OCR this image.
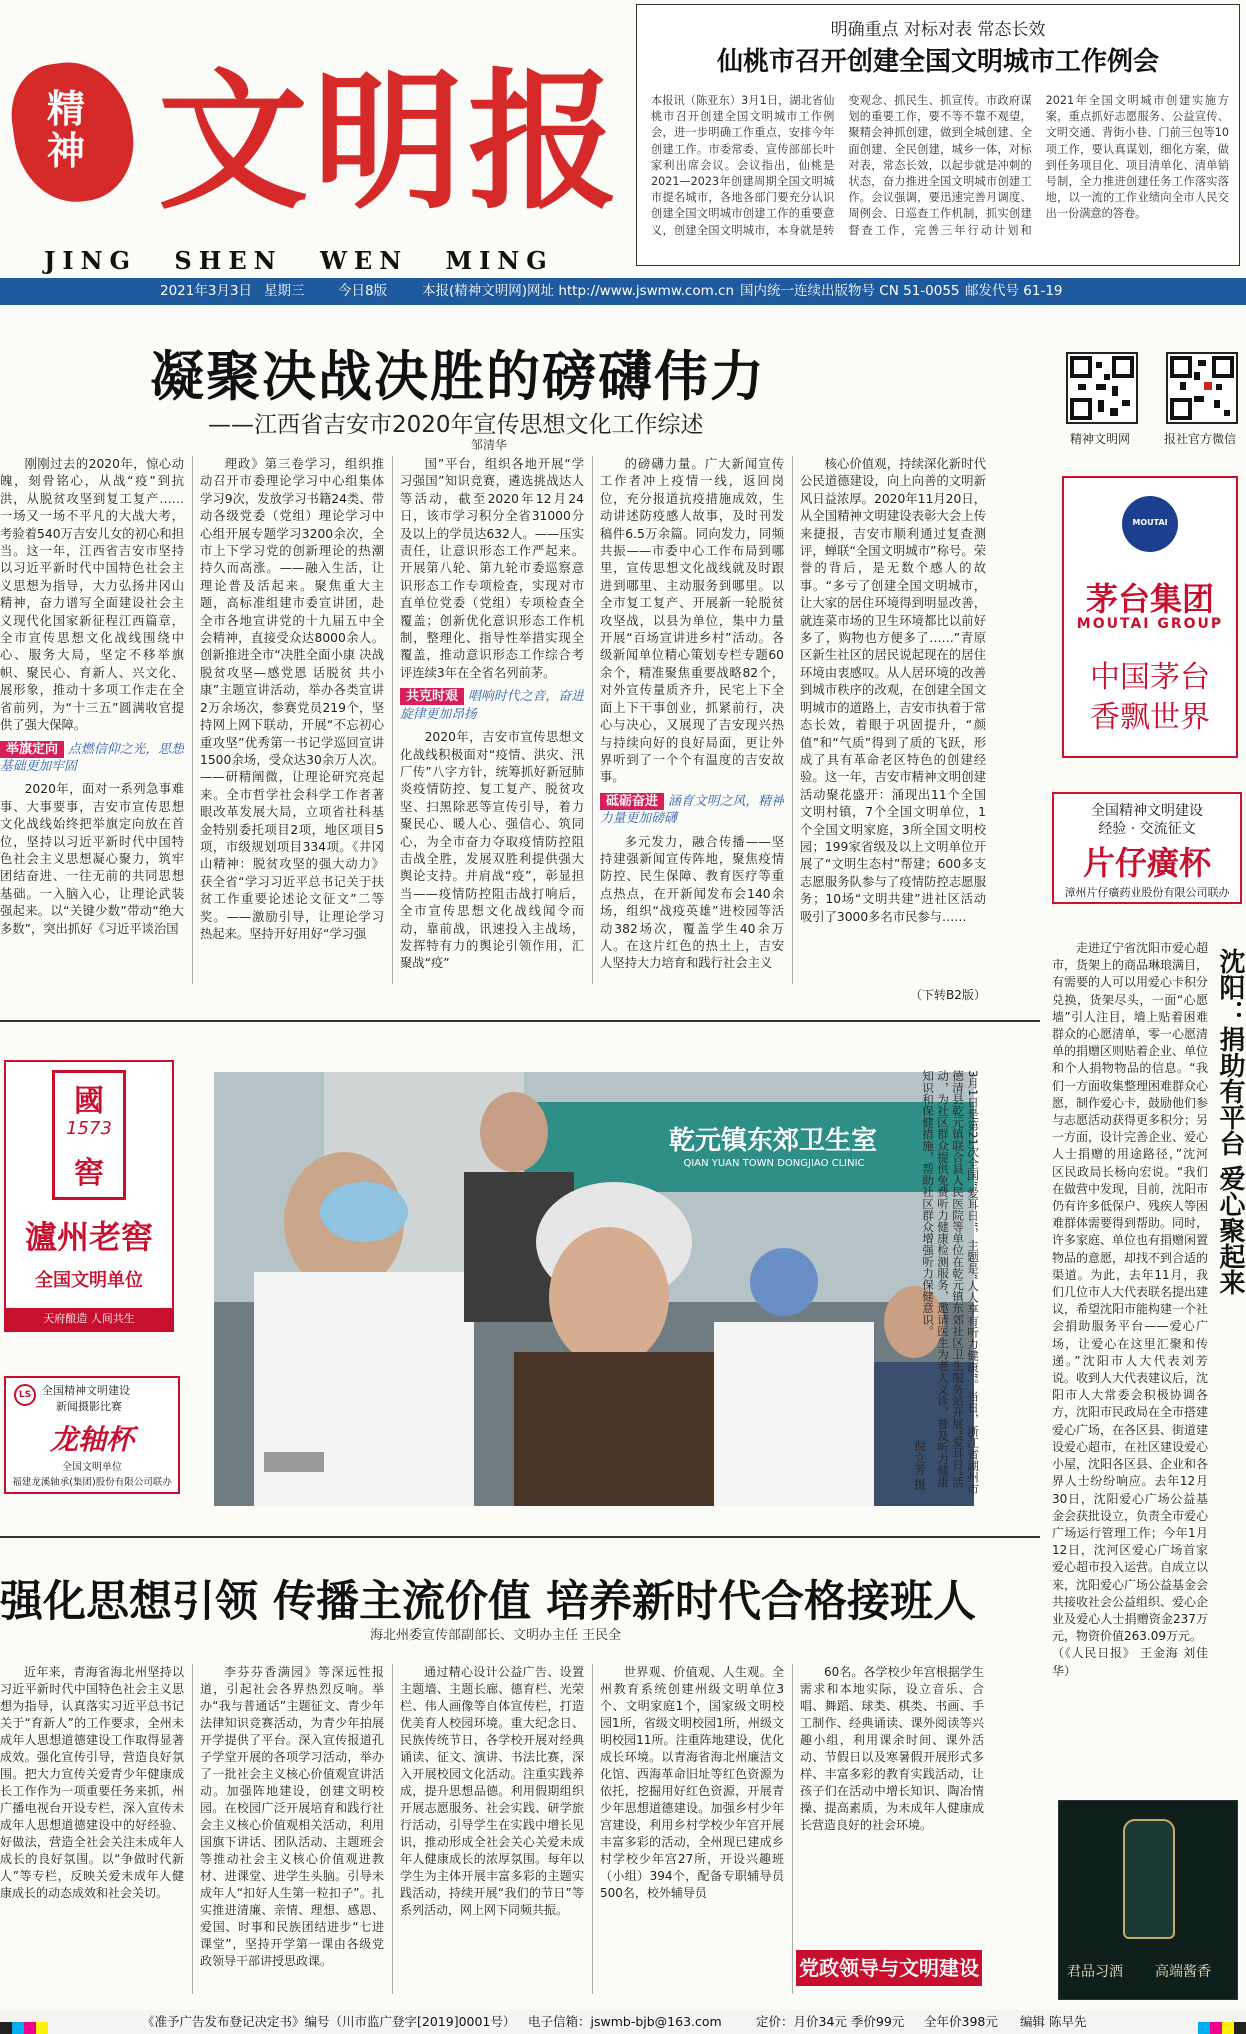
精神 文 明 报
JING SHEN WEN MING
明确重点 对标对表 常态长效
仙桃市召开创建全国文明城市工作例会
本报讯（陈亚东）3月1日，湖北省仙桃市召开创建全国文明城市工作例会，进一步明确工作重点，安排今年创建工作。市委常委、宣传部部长叶家利出席会议。会议指出，仙桃是2021—2023年创建周期全国文明城市提名城市，各地各部门要充分认识创建全国文明城市创建工作的重要意义，创建全国文明城市，本身就是转变观念、抓民生、抓宣传。市政府谋划的重要工作，要不等不靠不观望，聚精会神抓创建，做到全城创建、全面创建、全民创建，城乡一体，对标对表，常态长效，以起步就是冲刺的状态，奋力推进全国文明城市创建工作。会议强调，要迅速完善月调度、周例会、日巡查工作机制，抓实创建督查工作，完善三年行动计划和2021年全国文明城市创建实施方案，重点抓好志愿服务、公益宣传、文明交通、背街小巷、门前三包等10项工作，要认真谋划，细化方案，做到任务项目化、项目清单化、清单销号制，全力推进创建任务工作落实落地，以一流的工作业绩向全市人民交出一份满意的答卷。
2021年3月3日 星期三 今日8版	本报(精神文明网)网址 http://www.jswmw.com.cn 国内统一连续出版物号 CN 51-0055 邮发代号 61-19
凝聚决战决胜的磅礴伟力
——江西省吉安市2020年宣传思想文化工作综述
邹清华	精神文明网	报社官方微信

刚刚过去的2020年，惊心动魄，刻骨铭心，从战“疫”到抗洪，从脱贫攻坚到复工复产……一场又一场不平凡的大战大考，考验着540万吉安儿女的初心和担当。这一年，江西省吉安市坚持以习近平新时代中国特色社会主义思想为指导，大力弘扬井冈山精神，奋力谱写全面建设社会主义现代化国家新征程江西篇章，全市宣传思想文化战线围绕中心、服务大局，坚定不移举旗帜、聚民心、育新人、兴文化、展形象，推动十多项工作走在全省前列，为“十三五”圆满收官提供了强大保障。

举旗定向 点燃信仰之光，思想基础更加牢固

2020年，面对一系列急事难事、大事要事，吉安市宣传思想文化战线始终把举旗定向放在首位，坚持以习近平新时代中国特色社会主义思想凝心聚力，筑牢团结奋进、一往无前的共同思想基础。一入脑入心，让理论武装强起来。以“关键少数”带动“绝大多数”，突出抓好《习近平谈治国

理政》第三卷学习，组织推动召开市委理论学习中心组集体学习9次，发放学习书籍24类、带动各级党委（党组）理论学习中心组开展专题学习3200余次，全市上下学习党的创新理论的热潮持久而高涨。——融入生活，让理论普及活起来。聚焦重大主题，高标准组建市委宣讲团，赴全市各地宣讲党的十九届五中全会精神，直接受众达8000余人。创新推进全市“决胜全面小康 决战脱贫攻坚—感党恩 话脱贫 共小康”主题宣讲活动，举办各类宣讲2万余场次，参赛党员219个，坚持网上网下联动，开展“不忘初心重攻坚”优秀第一书记学巡回宣讲1500余场，受众达30余万人次。——研精阐微，让理论研究亮起来。全市哲学社会科学工作者著眼改革发展大局，立项省社科基金特别委托项目2项，地区项目5项，市级规划项目334项。《井冈山精神：脱贫攻坚的强大动力》获全省“学习习近平总书记关于扶贫工作重要论述论文征文”二等奖。——激励引导，让理论学习热起来。坚持开好用好“学习强

国”平台，组织各地开展“学习强国”知识竞赛，遴选挑战达人等活动，截至2020年12月24日，该市学习积分全省31000分及以上的学员达632人。——压实责任，让意识形态工作严起来。开展第八轮、第九轮市委巡察意识形态工作专项检查，实现对市直单位党委（党组）专项检查全覆盖；创新优化意识形态工作机制，整理化、指导性举措实现全覆盖，推动意识形态工作综合考评连续3年在全省名列前茅。

共克时艰 唱响时代之音，奋进旋律更加昂扬

2020年，吉安市宣传思想文化战线积极面对“疫情、洪灾、汛厂传”八字方针，统筹抓好新冠肺炎疫情防控、复工复产、脱贫攻坚、扫黑除恶等宣传引导，着力聚民心、暖人心、强信心、筑同心，为全市奋力夺取疫情防控阻击战全胜，发展双胜利提供强大舆论支持。并肩战“疫”，彰显担当——疫情防控阻击战打响后，全市宣传思想文化战线闻令而动，靠前战，讯速投入主战场，发挥特有力的舆论引领作用，汇聚战“疫”

的磅礴力量。广大新闻宣传工作者冲上疫情一线，返回岗位，充分报道抗疫措施成效，生动讲述防疫感人故事，及时刊发稿件6.5万余篇。同向发力，同频共振——市委中心工作布局到哪里，宣传思想文化战线就及时跟进到哪里、主动服务到哪里。以全市复工复产、开展新一轮脱贫攻坚战，以县为单位，集中力量开展“百场宣讲进乡村”活动。各级新闻单位精心策划专栏专题60余个，精准聚焦重要战略82个，对外宣传量质齐升，民宅上下全面上下干事创业，抓紧前行，决心与决心，又展现了吉安现兴热与持续向好的良好局面，更让外界听到了一个个有温度的吉安故事。

砥砺奋进 涵育文明之风，精神力量更加磅礴

多元发力，融合传播——坚持建强新闻宣传阵地，聚焦疫情防控、民生保障、教育医疗等重点热点，在开新闻发布会140余场，组织“战疫英雄”进校园等活动382场次，覆盖学生40余万人。在这片红色的热土上，吉安人坚持大力培育和践行社会主义

核心价值观，持续深化新时代公民道德建设，向上向善的文明新风日益浓厚。2020年11月20日，从全国精神文明建设表彰大会上传来捷报，吉安市顺利通过复查测评，蝉联“全国文明城市”称号。荣誉的背后，是无数个感人的故事。“多亏了创建全国文明城市，让大家的居住环境得到明显改善，就连菜市场的卫生环境都比以前好多了，购物也方便多了……”青原区新生社区的居民说起现在的居住环境由衷感叹。从人居环境的改善到城市秩序的改观，在创建全国文明城市的道路上，吉安市执着于常态长效，着眼于巩固提升，“颜值”和“气质”得到了质的飞跃，形成了具有革命老区特色的创建经验。这一年，吉安市精神文明创建活动聚花盛开：涌现出11个全国文明村镇，7个全国文明单位，1个全国文明家庭，3所全国文明校园；199家省级及以上文明单位开展了“文明生态村”帮建；600多支志愿服务队参与了疫情防控志愿服务；10场“文明共建”进社区活动吸引了3000多名市民参与……

（下转B2版）
MOUTAI
茅台集团
MOUTAI GROUP
中国茅台
香飘世界
全国精神文明建设
经验 · 交流征文
片仔癀杯
漳州片仔癀药业股份有限公司联办
沈阳：捐助有平台 爱心聚起来

走进辽宁省沈阳市爱心超市，货架上的商品琳琅满目，有需要的人可以用爱心卡积分兑换，货架尽头，一面“心愿墙”引人注目，墙上贴着困难群众的心愿清单，零一心愿清单的捐赠区则贴着企业、单位和个人捐物物品的信息。“我们一方面收集整理困难群众心愿，制作爱心卡，鼓励他们参与志愿活动获得更多积分；另一方面，设计完善企业、爱心人士捐赠的用途路径，”沈河区民政局长杨向宏说。“我们在做营中发现，目前，沈阳市仍有许多低保户、残疾人等困难群体需要得到帮助。同时，许多家庭、单位也有捐赠闲置物品的意愿，却找不到合适的渠道。为此，去年11月，我们几位市人大代表联名提出建议，希望沈阳市能构建一个社会捐助服务平台——爱心广场，让爱心在这里汇聚和传递。”沈阳市人大代表刘芳说。收到人大代表建议后，沈阳市人大常委会积极协调各方，沈阳市民政局在全市搭建爱心广场，在各区县、街道建设爱心超市，在社区建设爱心小屋，沈阳各区县、企业和各界人士纷纷响应。去年12月30日，沈阳爱心广场公益基金会获批设立，负责全市爱心广场运行管理工作；今年1月12日，沈河区爱心广场首家爱心超市投入运营。自成立以来，沈阳爱心广场公益基金会共接收社会公益组织、爱心企业及爱心人士捐赠资金237万元，物资价值263.09万元。

（《人民日报》 王金海 刘佳华）

國
1573
窖
瀘州老窖
全国文明单位
天府酿造 人间共生
LS 全国精神文明建设
新闻摄影比赛
龙轴杯
全国文明单位
福建龙溪轴承(集团)股份有限公司联办
乾元镇东郊卫生室
QIAN YUAN TOWN DONGJIAO CLINIC	3月1日是第21次全国“爱耳日”，主题是“人人享有听力健康”。当日，浙江省湖州市德清县乾元镇联合县人民医院等单位在乾元镇东郊社区卫生服务站开展“爱耳日”活动，为社区群众提供免费听力健康检测服务，邀请医生为老人义诊，普及听力健康知识和保健措施，帮助社区群众增强听力保健意识。
倪立芳 摄
强化思想引领 传播主流价值 培养新时代合格接班人
海北州委宣传部副部长、文明办主任 王民全

近年来，青海省海北州坚持以习近平新时代中国特色社会主义思想为指导，认真落实习近平总书记关于“育新人”的工作要求，全州未成年人思想道德建设工作取得显著成效。强化宣传引导，营造良好氛围。把大力宣传关爱青少年健康成长工作作为一项重要任务来抓，州广播电视台开设专栏，深入宣传未成年人思想道德建设中的好经验、好做法，营造全社会关注未成年人成长的良好氛围。以“争做时代新人”等专栏，反映关爱未成年人健康成长的动态成效和社会关切。

李芬芬香满园》等深远性报道，引起社会各界热烈反响。举办“我与普通话”主题征文、青少年法律知识竞赛活动，为青少年拍展开学提供了平台。深入宣传报道孔子学堂开展的各项学习活动，举办了一批社会主义核心价值观宣讲活动。加强阵地建设，创建文明校园。在校园广泛开展培育和践行社会主义核心价值观相关活动，利用国旗下讲话、团队活动、主题班会等推动社会主义核心价值观进教材、进课堂、进学生头脑。引导未成年人“扣好人生第一粒扣子”。扎实推进清廉、亲情、理想、感恩、爱国、时事和民族团结进步“七进课堂”，坚持开学第一课由各级党政领导干部讲授思政课。

通过精心设计公益广告、设置主题墙、主题长廊、德育栏、光荣栏、伟人画像等自体宣传栏，打造优美育人校园环境。重大纪念日、民族传统节日，各学校开展对经典诵读、征文、演讲、书法比赛，深入开展校园文化活动。注重实践养成，提升思想品德。利用假期组织开展志愿服务、社会实践、研学旅行活动，引导学生在实践中增长见识，推动形成全社会关心关爱未成年人健康成长的浓厚氛围。每年以学生为主体开展丰富多彩的主题实践活动，持续开展“我们的节日”等系列活动，网上网下同频共振。

世界观、价值观、人生观。全州教育系统创建州级文明单位3个、文明家庭1个，国家级文明校园1所，省级文明校园1所，州级文明校园11所。注重阵地建设，优化成长环境。以青海省海北州廉洁文化馆、西海革命旧址等红色资源为依托，挖掘用好红色资源，开展青少年思想道德建设。加强乡村少年宫建设，利用乡村学校少年宫开展丰富多彩的活动，全州现已建成乡村学校少年宫27所，开设兴趣班（小组）394个，配备专职辅导员500名，校外辅导员

60名。各学校少年宫根据学生需求和本地实际，设立音乐、合唱、舞蹈、球类、棋类、书画、手工制作、经典诵读、课外阅读等兴趣小组，利用课余时间、课外活动、节假日以及寒暑假开展形式多样、丰富多彩的教育实践活动，让孩子们在活动中增长知识、陶冶情操、提高素质，为未成年人健康成长营造良好的社会环境。

党政领导与文明建设	君品习酒 高端酱香
《准予广告发布登记决定书》编号（川市监广登字[2019]0001号） 电子信箱：jswmb-bjb@163.com	定价：月价34元 季价99元 全年价398元 编辑 陈早先
